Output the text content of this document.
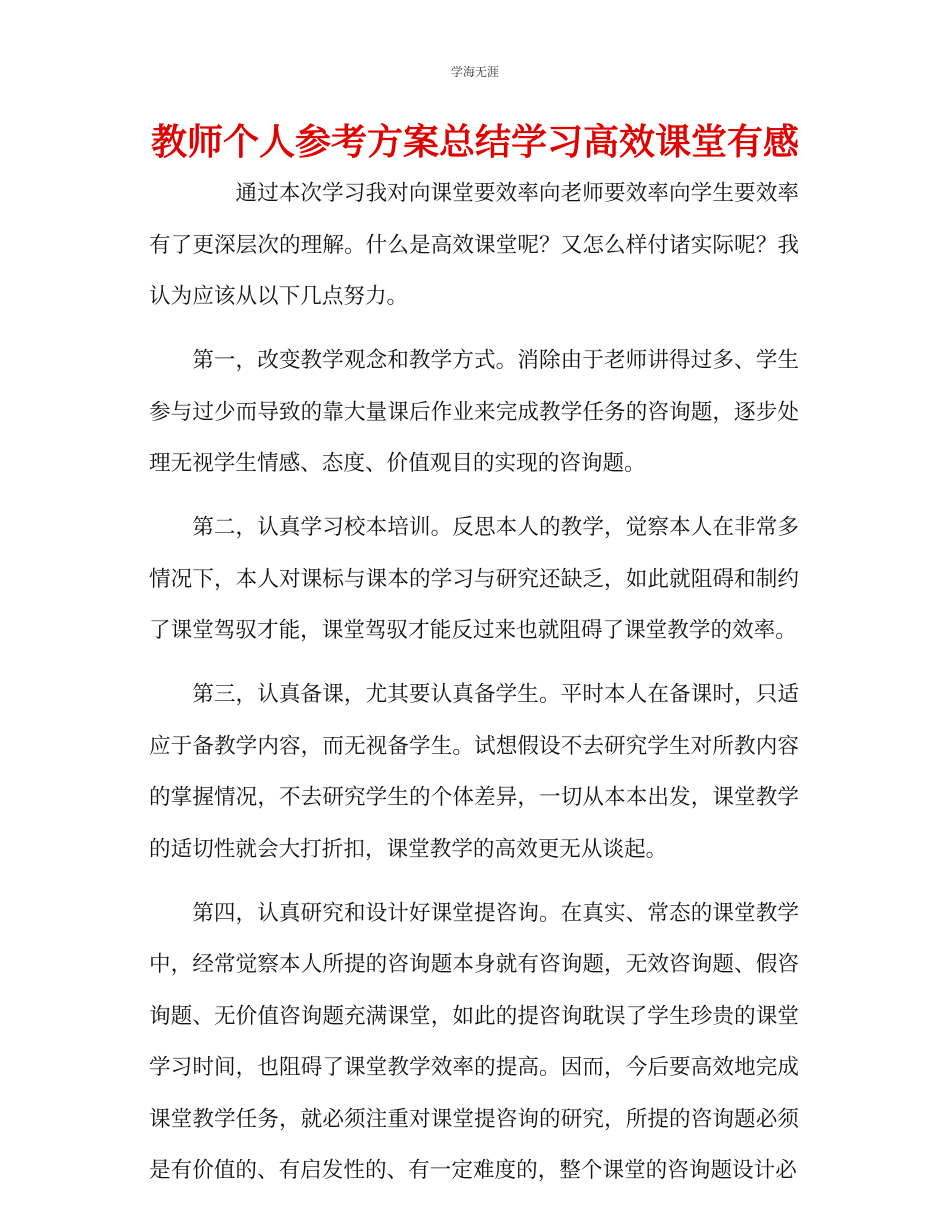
学海无涯
教师个人参考方案总结学习高效课堂有感

通过本次学习我对向课堂要效率向老师要效率向学生要效率有了更深层次的理解。什么是高效课堂呢？又怎么样付诸实际呢？我认为应该从以下几点努力。

第一，改变教学观念和教学方式。消除由于老师讲得过多、学生参与过少而导致的靠大量课后作业来完成教学任务的咨询题，逐步处理无视学生情感、态度、价值观目的实现的咨询题。

第二，认真学习校本培训。反思本人的教学，觉察本人在非常多情况下，本人对课标与课本的学习与研究还缺乏，如此就阻碍和制约了课堂驾驭才能，课堂驾驭才能反过来也就阻碍了课堂教学的效率。

第三，认真备课，尤其要认真备学生。平时本人在备课时，只适应于备教学内容，而无视备学生。试想假设不去研究学生对所教内容的掌握情况，不去研究学生的个体差异，一切从本本出发，课堂教学的适切性就会大打折扣，课堂教学的高效更无从谈起。

第四，认真研究和设计好课堂提咨询。在真实、常态的课堂教学中，经常觉察本人所提的咨询题本身就有咨询题，无效咨询题、假咨询题、无价值咨询题充满课堂，如此的提咨询耽误了学生珍贵的课堂学习时间，也阻碍了课堂教学效率的提高。因而，今后要高效地完成课堂教学任务，就必须注重对课堂提咨询的研究，所提的咨询题必须是有价值的、有启发性的、有一定难度的，整个课堂的咨询题设计必
